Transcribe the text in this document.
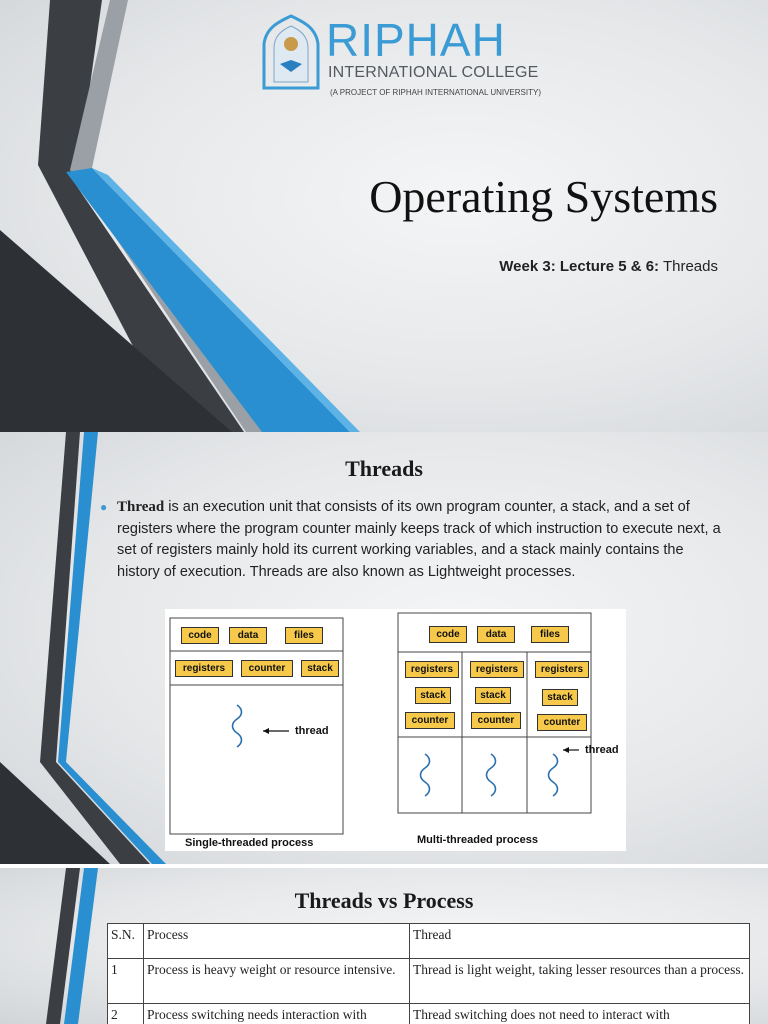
RIPHAH
INTERNATIONAL COLLEGE
(A PROJECT OF RIPHAH INTERNATIONAL UNIVERSITY)
Operating Systems
Week 3: Lecture 5 & 6: Threads
Threads
● Thread is an execution unit that consists of its own program counter, a stack, and a set of registers where the program counter mainly keeps track of which instruction to execute next, a set of registers mainly hold its current working variables, and a stack mainly contains the history of execution. Threads are also known as Lightweight processes.

code	data	files
registers	counter	stack
thread
Single-threaded process
code	data	files
registers	registers	registers
stack	stack	stack
counter	counter	counter
thread
Multi-threaded process
Threads vs Process
S.N.	Process	Thread
1	Process is heavy weight or resource intensive.	Thread is light weight, taking lesser resources than a process.
2	Process switching needs interaction with	Thread switching does not need to interact with
